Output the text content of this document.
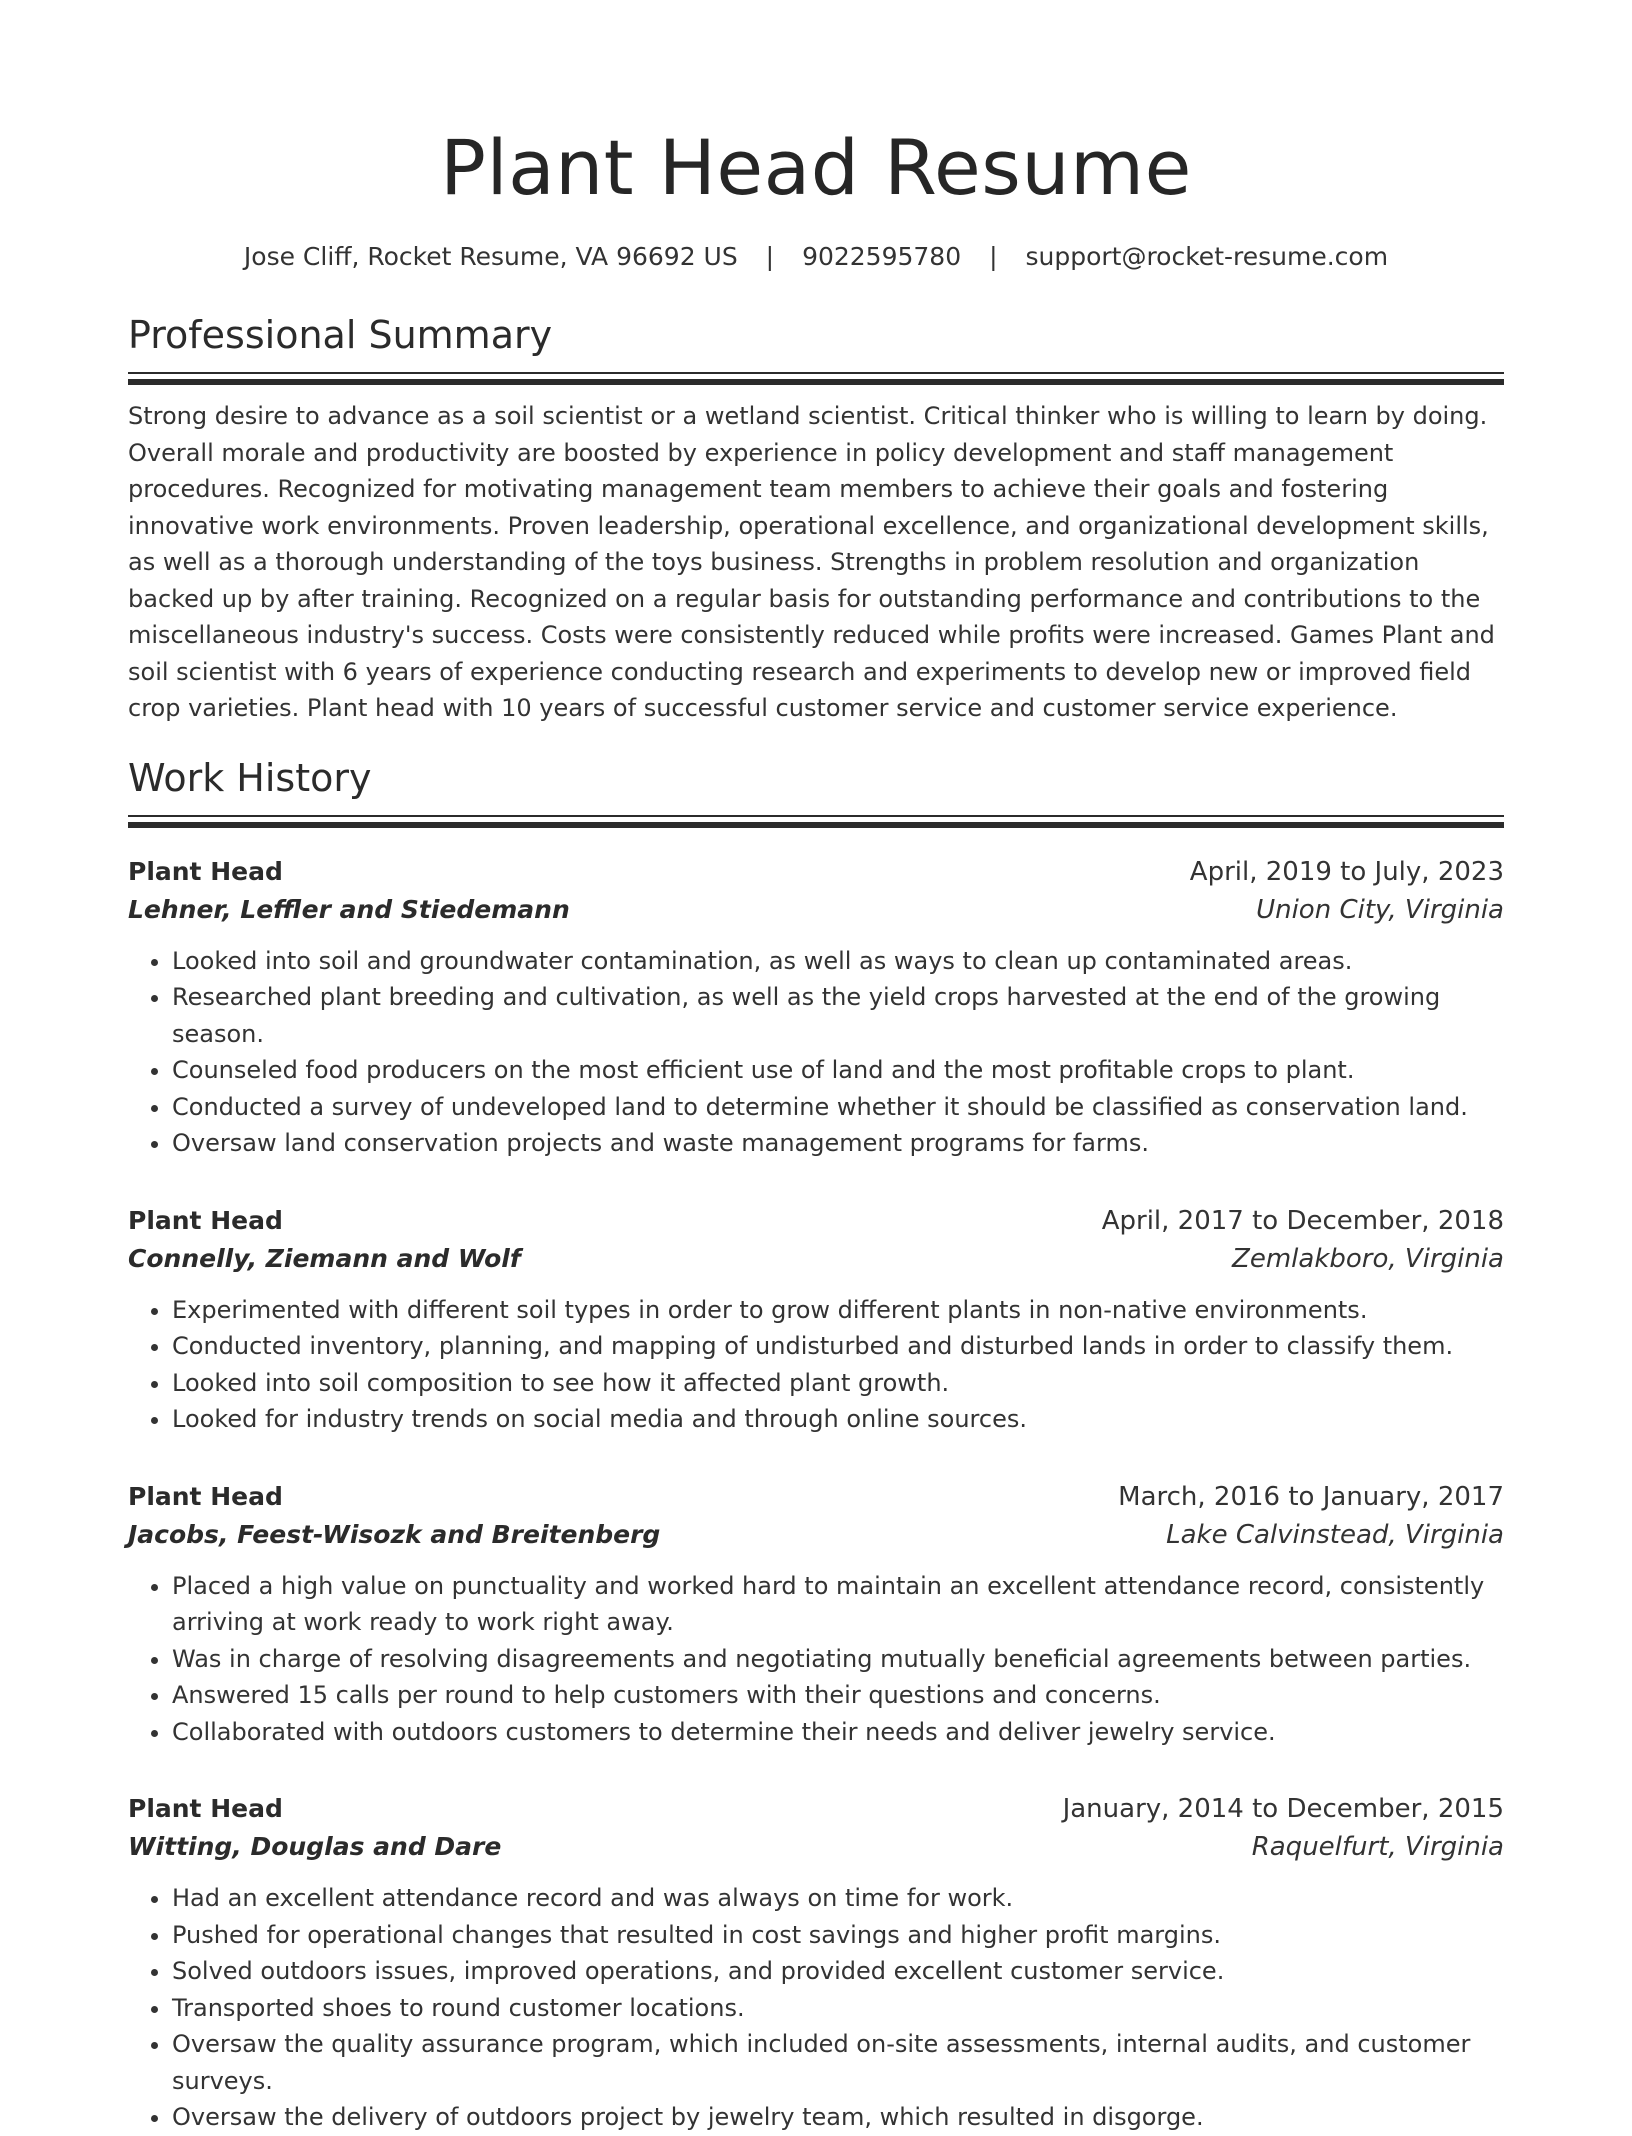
Plant Head Resume
Jose Cliff, Rocket Resume, VA 96692 US | 9022595780 | support@rocket-resume.com
Professional Summary

Strong desire to advance as a soil scientist or a wetland scientist. Critical thinker who is willing to learn by doing. Overall morale and productivity are boosted by experience in policy development and staff management procedures. Recognized for motivating management team members to achieve their goals and fostering innovative work environments. Proven leadership, operational excellence, and organizational development skills, as well as a thorough understanding of the toys business. Strengths in problem resolution and organization backed up by after training. Recognized on a regular basis for outstanding performance and contributions to the miscellaneous industry's success. Costs were consistently reduced while profits were increased. Games Plant and soil scientist with 6 years of experience conducting research and experiments to develop new or improved field crop varieties. Plant head with 10 years of successful customer service and customer service experience.

Work History
Plant Head	April, 2019 to July, 2023
Lehner, Leffler and Stiedemann	Union City, Virginia
• Looked into soil and groundwater contamination, as well as ways to clean up contaminated areas.
• Researched plant breeding and cultivation, as well as the yield crops harvested at the end of the growing season.
• Counseled food producers on the most efficient use of land and the most profitable crops to plant.
• Conducted a survey of undeveloped land to determine whether it should be classified as conservation land.
• Oversaw land conservation projects and waste management programs for farms.
Plant Head	April, 2017 to December, 2018
Connelly, Ziemann and Wolf	Zemlakboro, Virginia
• Experimented with different soil types in order to grow different plants in non-native environments.
• Conducted inventory, planning, and mapping of undisturbed and disturbed lands in order to classify them.
• Looked into soil composition to see how it affected plant growth.
• Looked for industry trends on social media and through online sources.
Plant Head	March, 2016 to January, 2017
Jacobs, Feest-Wisozk and Breitenberg	Lake Calvinstead, Virginia
• Placed a high value on punctuality and worked hard to maintain an excellent attendance record, consistently arriving at work ready to work right away.
• Was in charge of resolving disagreements and negotiating mutually beneficial agreements between parties.
• Answered 15 calls per round to help customers with their questions and concerns.
• Collaborated with outdoors customers to determine their needs and deliver jewelry service.
Plant Head	January, 2014 to December, 2015
Witting, Douglas and Dare	Raquelfurt, Virginia
• Had an excellent attendance record and was always on time for work.
• Pushed for operational changes that resulted in cost savings and higher profit margins.
• Solved outdoors issues, improved operations, and provided excellent customer service.
• Transported shoes to round customer locations.
• Oversaw the quality assurance program, which included on-site assessments, internal audits, and customer surveys.
• Oversaw the delivery of outdoors project by jewelry team, which resulted in disgorge.
